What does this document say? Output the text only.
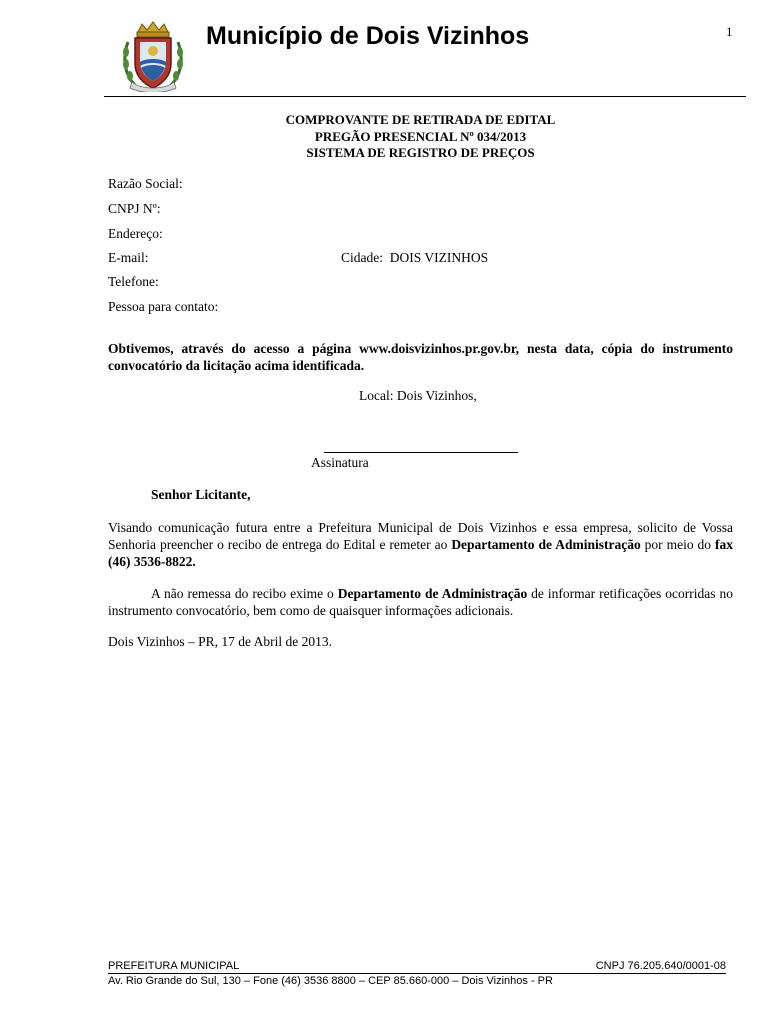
Município de Dois Vizinhos	1
COMPROVANTE DE RETIRADA DE EDITAL
PREGÃO PRESENCIAL Nº 034/2013
SISTEMA DE REGISTRO DE PREÇOS
Razão Social:
CNPJ Nº:
Endereço:
E-mail:	Cidade: DOIS VIZINHOS
Telefone:
Pessoa para contato:
Obtivemos, através do acesso a página www.doisvizinhos.pr.gov.br, nesta data, cópia do instrumento convocatório da licitação acima identificada.
Local: Dois Vizinhos,
Assinatura
Senhor Licitante,
Visando comunicação futura entre a Prefeitura Municipal de Dois Vizinhos e essa empresa, solicito de Vossa Senhoria preencher o recibo de entrega do Edital e remeter ao Departamento de Administração por meio do fax (46) 3536-8822.
A não remessa do recibo exime o Departamento de Administração de informar retificações ocorridas no instrumento convocatório, bem como de quaisquer informações adicionais.
Dois Vizinhos – PR, 17 de Abril de 2013.
PREFEITURA MUNICIPAL	CNPJ 76.205.640/0001-08
Av. Rio Grande do Sul, 130 – Fone (46) 3536 8800 – CEP 85.660-000 – Dois Vizinhos - PR
